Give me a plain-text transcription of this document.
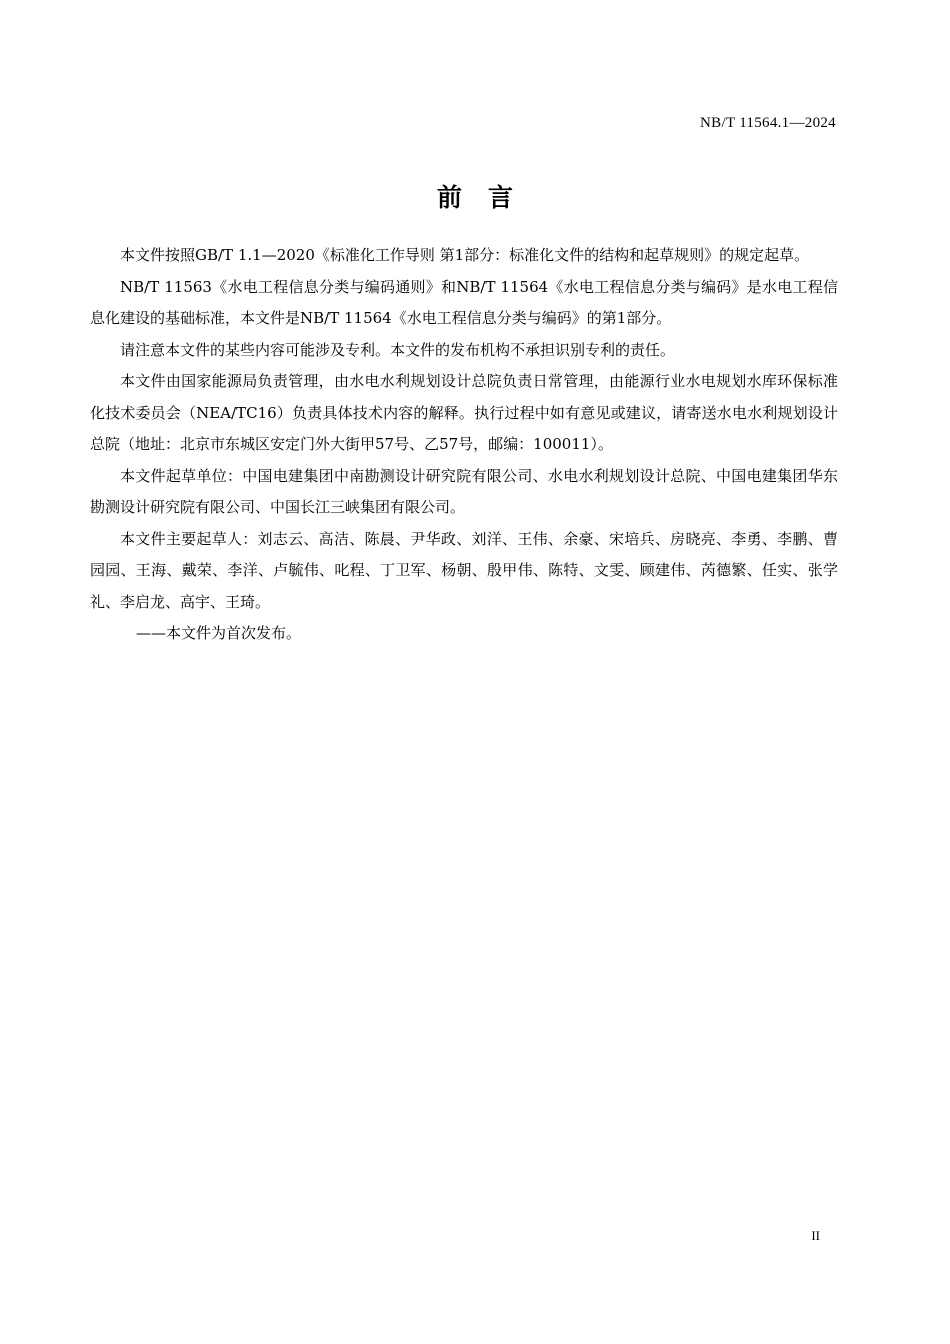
NB/T 11564.1—2024
前言

本文件按照GB/T 1.1—2020《标准化工作导则 第1部分：标准化文件的结构和起草规则》的规定起草。

NB/T 11563《水电工程信息分类与编码通则》和NB/T 11564《水电工程信息分类与编码》是水电工程信息化建设的基础标准，本文件是NB/T 11564《水电工程信息分类与编码》的第1部分。

请注意本文件的某些内容可能涉及专利。本文件的发布机构不承担识别专利的责任。

本文件由国家能源局负责管理，由水电水利规划设计总院负责日常管理，由能源行业水电规划水库环保标准化技术委员会（NEA/TC16）负责具体技术内容的解释。执行过程中如有意见或建议，请寄送水电水利规划设计总院（地址：北京市东城区安定门外大街甲57号、乙57号，邮编：100011）。

本文件起草单位：中国电建集团中南勘测设计研究院有限公司、水电水利规划设计总院、中国电建集团华东勘测设计研究院有限公司、中国长江三峡集团有限公司。

本文件主要起草人：刘志云、高洁、陈晨、尹华政、刘洋、王伟、余豪、宋培兵、房晓亮、李勇、李鹏、曹园园、王海、戴荣、李洋、卢毓伟、叱程、丁卫军、杨朝、殷甲伟、陈特、文雯、顾建伟、芮德繁、任实、张学礼、李启龙、高宇、王琦。

——本文件为首次发布。

II
